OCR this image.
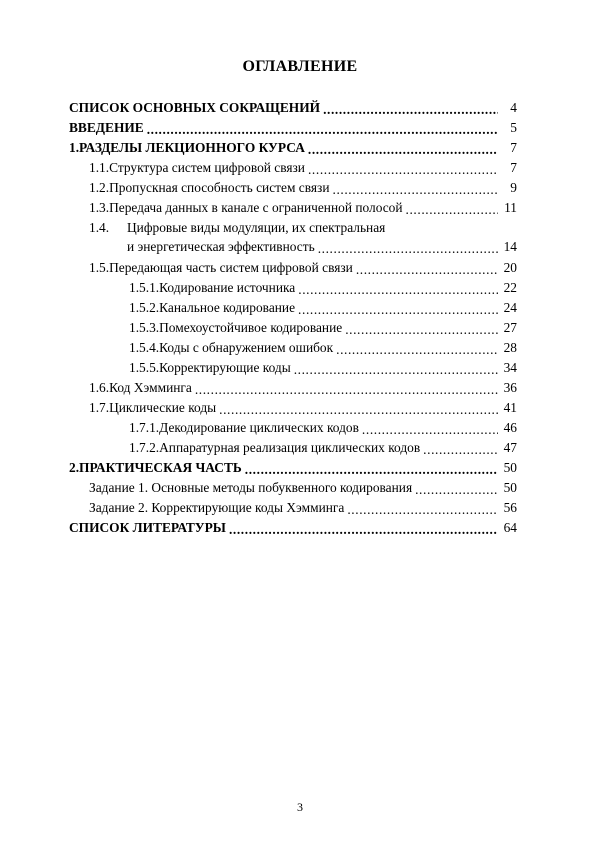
ОГЛАВЛЕНИЕ
СПИСОК ОСНОВНЫХ СОКРАЩЕНИЙ .....	4
ВВЕДЕНИЕ .....	5
1. РАЗДЕЛЫ ЛЕКЦИОННОГО КУРСА .....	7
1.1. Структура систем цифровой связи .....	7
1.2. Пропускная способность систем связи .....	9
1.3. Передача данных в канале с ограниченной полосой .....	11
1.4.	Цифровые виды модуляции, их спектральная
и энергетическая эффективность .....	14
1.5. Передающая часть систем цифровой связи .....	20
1.5.1. Кодирование источника .....	22
1.5.2. Канальное кодирование .....	24
1.5.3. Помехоустойчивое кодирование .....	27
1.5.4. Коды с обнаружением ошибок .....	28
1.5.5. Корректирующие коды .....	34
1.6. Код Хэмминга .....	36
1.7. Циклические коды .....	41
1.7.1. Декодирование циклических кодов .....	46
1.7.2. Аппаратурная реализация циклических кодов .....	47
2. ПРАКТИЧЕСКАЯ ЧАСТЬ .....	50
Задание 1. Основные методы побуквенного кодирования .....	50
Задание 2. Корректирующие коды Хэмминга .....	56
СПИСОК ЛИТЕРАТУРЫ .....	64
3
